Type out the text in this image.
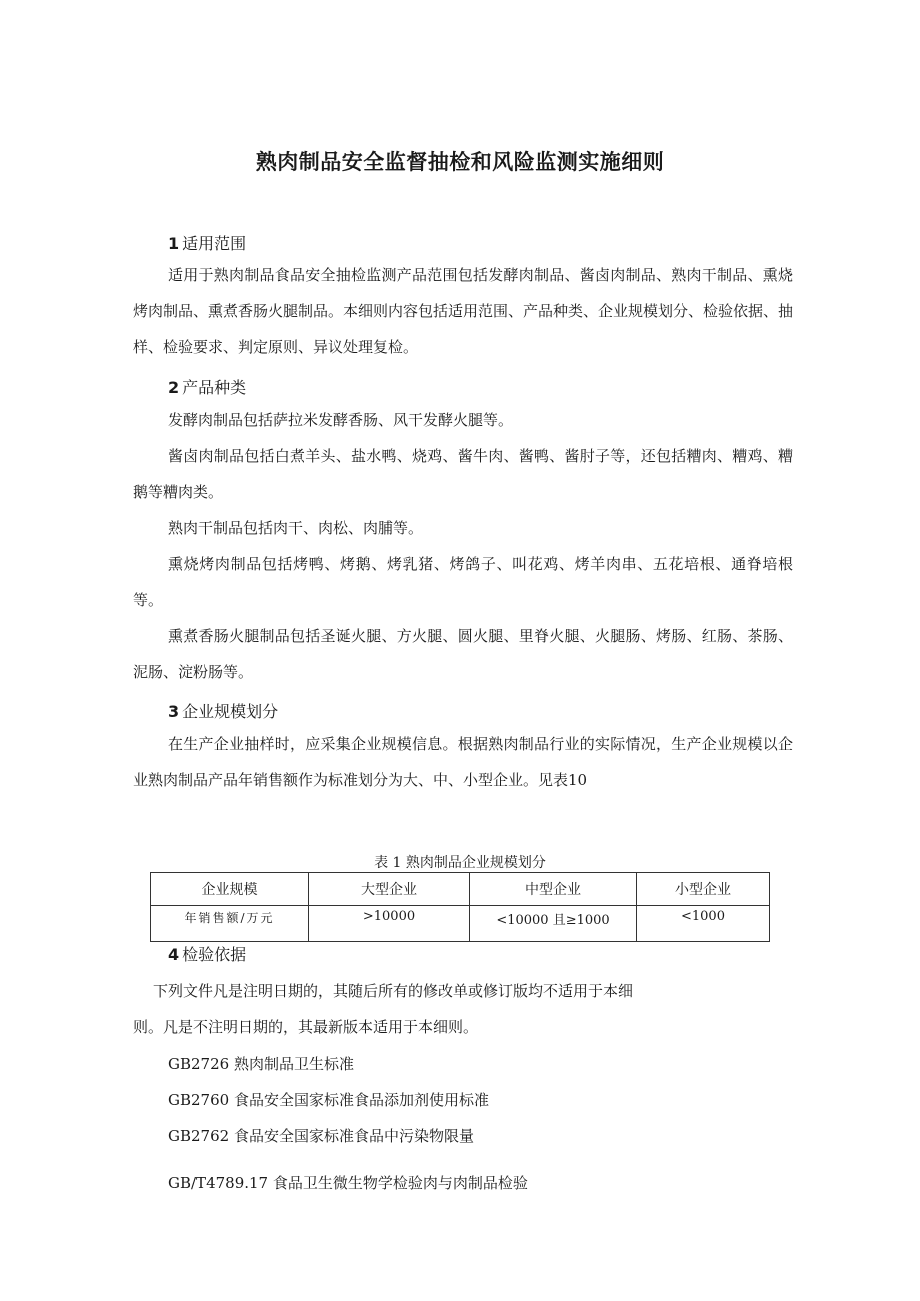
熟肉制品安全监督抽检和风险监测实施细则
1 适用范围

适用于熟肉制品食品安全抽检监测产品范围包括发酵肉制品、酱卤肉制品、熟肉干制品、熏烧烤肉制品、熏煮香肠火腿制品。本细则内容包括适用范围、产品种类、企业规模划分、检验依据、抽样、检验要求、判定原则、异议处理复检。

2 产品种类

发酵肉制品包括萨拉米发酵香肠、风干发酵火腿等。

酱卤肉制品包括白煮羊头、盐水鸭、烧鸡、酱牛肉、酱鸭、酱肘子等，还包括糟肉、糟鸡、糟鹅等糟肉类。

熟肉干制品包括肉干、肉松、肉脯等。

熏烧烤肉制品包括烤鸭、烤鹅、烤乳猪、烤鸽子、叫花鸡、烤羊肉串、五花培根、通脊培根等。

熏煮香肠火腿制品包括圣诞火腿、方火腿、圆火腿、里脊火腿、火腿肠、烤肠、红肠、茶肠、泥肠、淀粉肠等。

3 企业规模划分

在生产企业抽样时，应采集企业规模信息。根据熟肉制品行业的实际情况，生产企业规模以企业熟肉制品产品年销售额作为标准划分为大、中、小型企业。见表10

表 1 熟肉制品企业规模划分
企业规模	大型企业	中型企业	小型企业
年销售额/万元	>10000	<10000 且≥1000	<1000
4 检验依据
下列文件凡是注明日期的，其随后所有的修改单或修订版均不适用于本细
则。凡是不注明日期的，其最新版本适用于本细则。
GB2726 熟肉制品卫生标准
GB2760 食品安全国家标准食品添加剂使用标准
GB2762 食品安全国家标准食品中污染物限量
GB/T4789.17 食品卫生微生物学检验肉与肉制品检验
